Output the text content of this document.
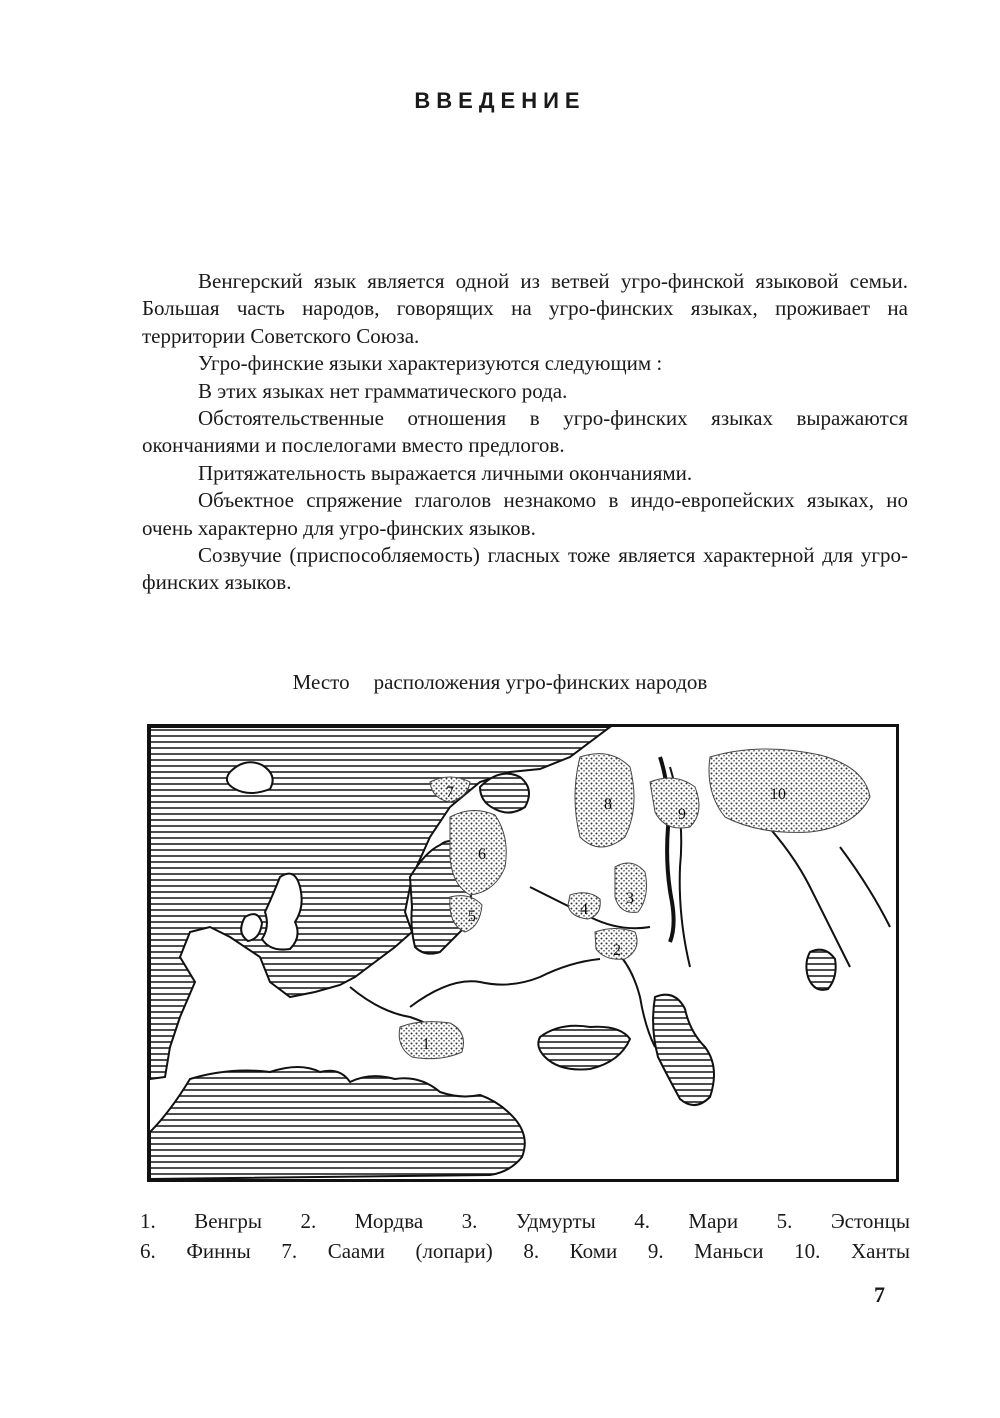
ВВЕДЕНИЕ

Венгерский язык является одной из ветвей угро-финской языковой семьи. Большая часть народов, говорящих на угро-финских языках, проживает на территории Советского Союза.

Угро-финские языки характеризуются следующим :

В этих языках нет грамматического рода.

Обстоятельственные отношения в угро-финских языках выражаются окончаниями и послелогами вместо предлогов.

Притяжательность выражается личными окончаниями.

Объектное спряжение глаголов незнакомо в индо-европейских языках, но очень характерно для угро-финских языков.

Созвучие (приспособляемость) гласных тоже является характерной для угро-финских языков.

Место расположения угро-финских народов
1
2
3
4
5
6
7
8
9
10
1. Венгры 2. Мордва 3. Удмурты 4. Мари 5. Эстонцы
6. Финны 7. Саами (лопари) 8. Коми 9. Маньси 10. Ханты
7
